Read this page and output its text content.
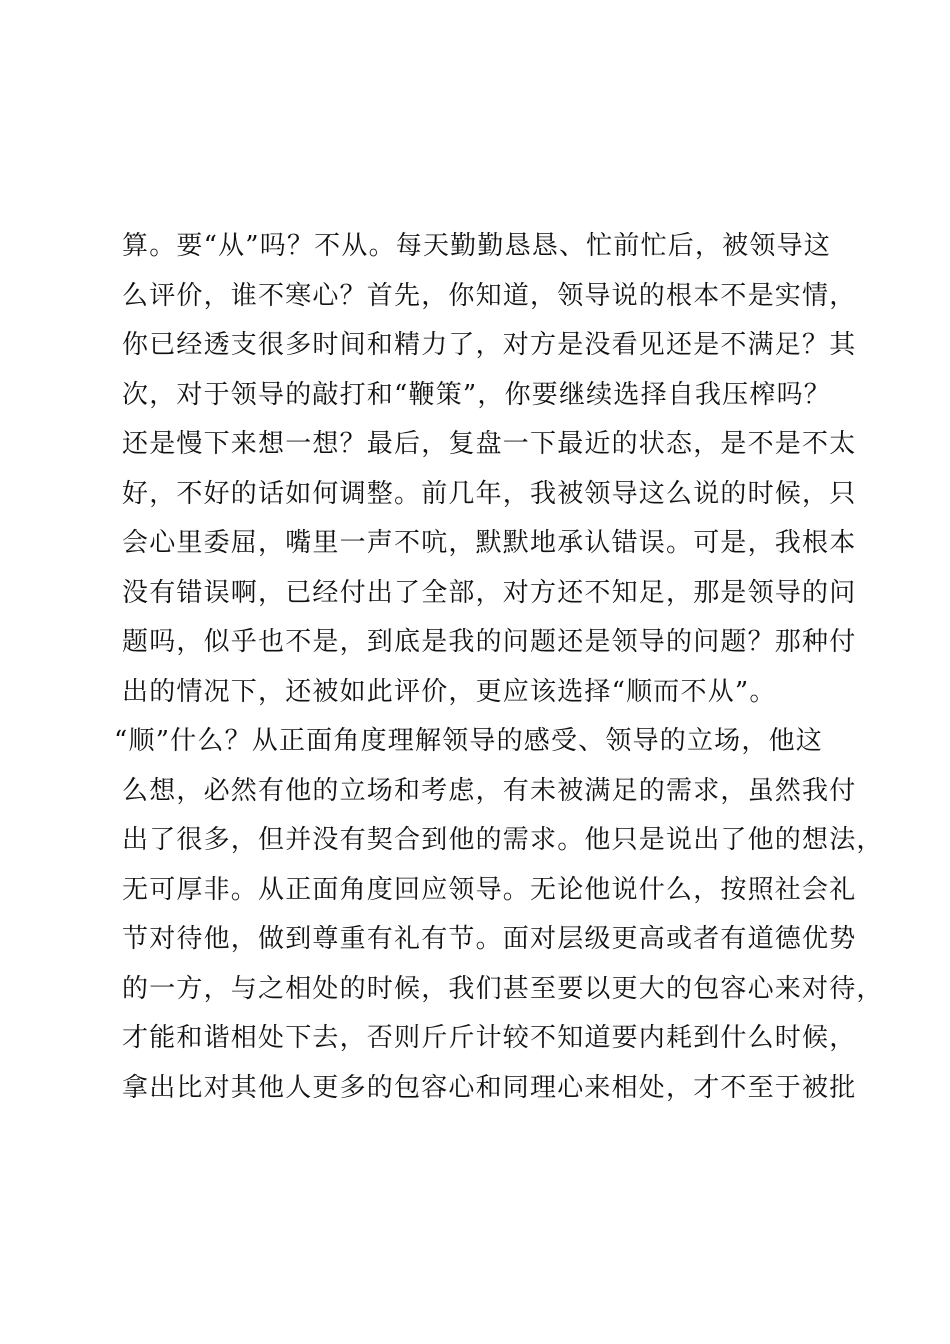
算。要“从”吗？不从。每天勤勤恳恳、忙前忙后，被领导这
么评价，谁不寒心？首先，你知道，领导说的根本不是实情，
你已经透支很多时间和精力了，对方是没看见还是不满足？其
次，对于领导的敲打和“鞭策”，你要继续选择自我压榨吗？
还是慢下来想一想？最后，复盘一下最近的状态，是不是不太
好，不好的话如何调整。前几年，我被领导这么说的时候，只
会心里委屈，嘴里一声不吭，默默地承认错误。可是，我根本
没有错误啊，已经付出了全部，对方还不知足，那是领导的问
题吗，似乎也不是，到底是我的问题还是领导的问题？那种付
出的情况下，还被如此评价，更应该选择“顺而不从”。
“顺”什么？从正面角度理解领导的感受、领导的立场，他这
么想，必然有他的立场和考虑，有未被满足的需求，虽然我付
出了很多，但并没有契合到他的需求。他只是说出了他的想法，
无可厚非。从正面角度回应领导。无论他说什么，按照社会礼
节对待他，做到尊重有礼有节。面对层级更高或者有道德优势
的一方，与之相处的时候，我们甚至要以更大的包容心来对待，
才能和谐相处下去，否则斤斤计较不知道要内耗到什么时候，
拿出比对其他人更多的包容心和同理心来相处，才不至于被批
